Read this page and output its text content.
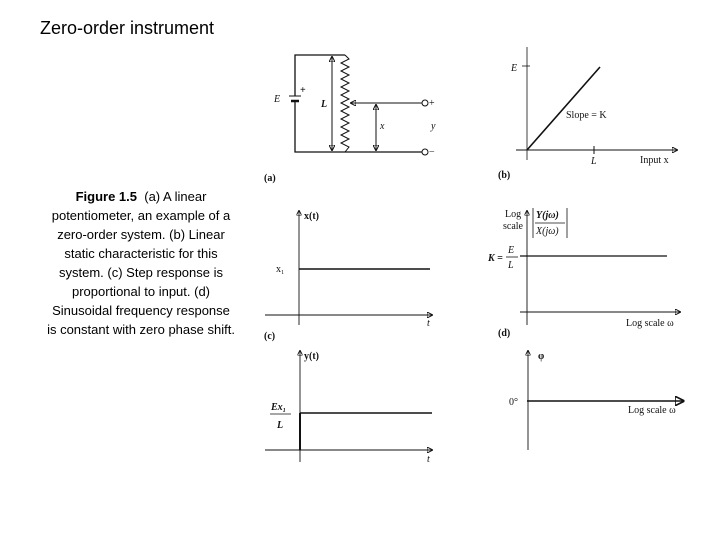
Zero-order instrument
Figure 1.5 (a) A linear potentiometer, an example of a zero-order system. (b) Linear static characteristic for this system. (c) Step response is proportional to input. (d) Sinusoidal frequency response is constant with zero phase shift.
E
+
L
x	y
+
−
(a)
E
Slope = K
L	Input x
(b)
x(t)
x₁
t
(c)
y(t)
Ex₁
L
t
Log
scale
Y(jω)
X(jω)
K =
E
L
Log scale ω
(d)
φ
0°
Log scale ω
